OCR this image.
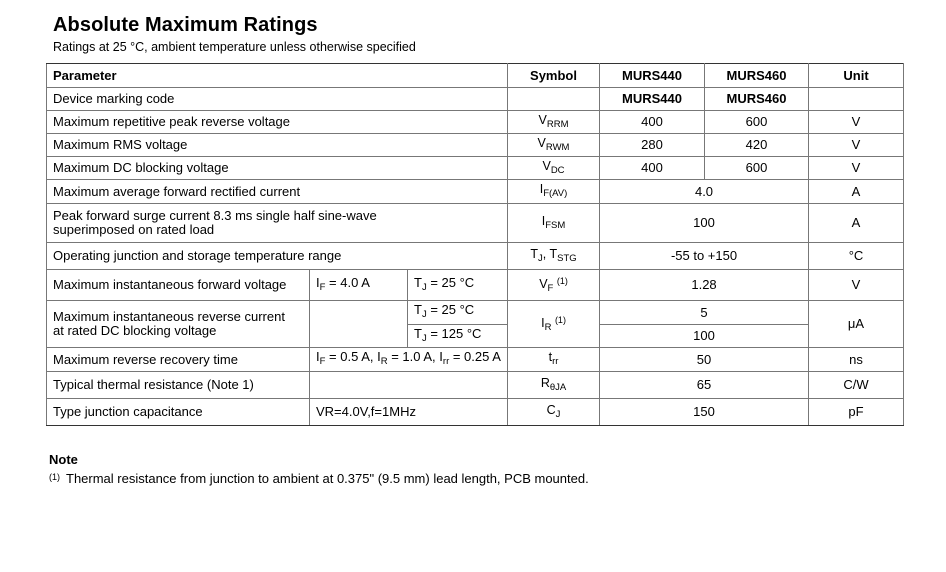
Absolute Maximum Ratings
Ratings at 25 °C, ambient temperature unless otherwise specified
Parameter			Symbol	MURS440	MURS460	Unit
Device marking code				MURS440	MURS460	
Maximum repetitive peak reverse voltage			$V_{RRM}$	400	600	V
Maximum RMS voltage			$V_{RWM}$	280	420	V
Maximum DC blocking voltage			$V_{DC}$	400	600	V
Maximum average forward rectified current			$I_{F(AV)}$	4.0		A

Peak forward surge current 8.3 ms single half sine-wave
superimposed on rated load			$I_{FSM}$	100		A
Operating junction and storage temperature range			$T_J$, $T_{STG}$	-55 to +150		°C
Maximum instantaneous forward voltage	$I_F = 4.0$ A	$T_J = 25$ °C	$V_F$ $^{(1)}$	1.28		V

Maximum instantaneous reverse current
at rated DC blocking voltage		$T_J = 25$ °C	$I_R$ $^{(1)}$	5		μA
		$T_J = 125$ °C		100		
Maximum reverse recovery time	$I_F = 0.5$ A, $I_R = 1.0$ A, $I_{rr} = 0.25$ A		$t_{rr}$	50		ns
Typical thermal resistance (Note 1)			$R_{\theta JA}$	65		C/W
Type junction capacitance	VR=4.0V,f=1MHz		$C_J$	150		pF
Note
$^{(1)}$ Thermal resistance from junction to ambient at 0.375" (9.5 mm) lead length, PCB mounted.
